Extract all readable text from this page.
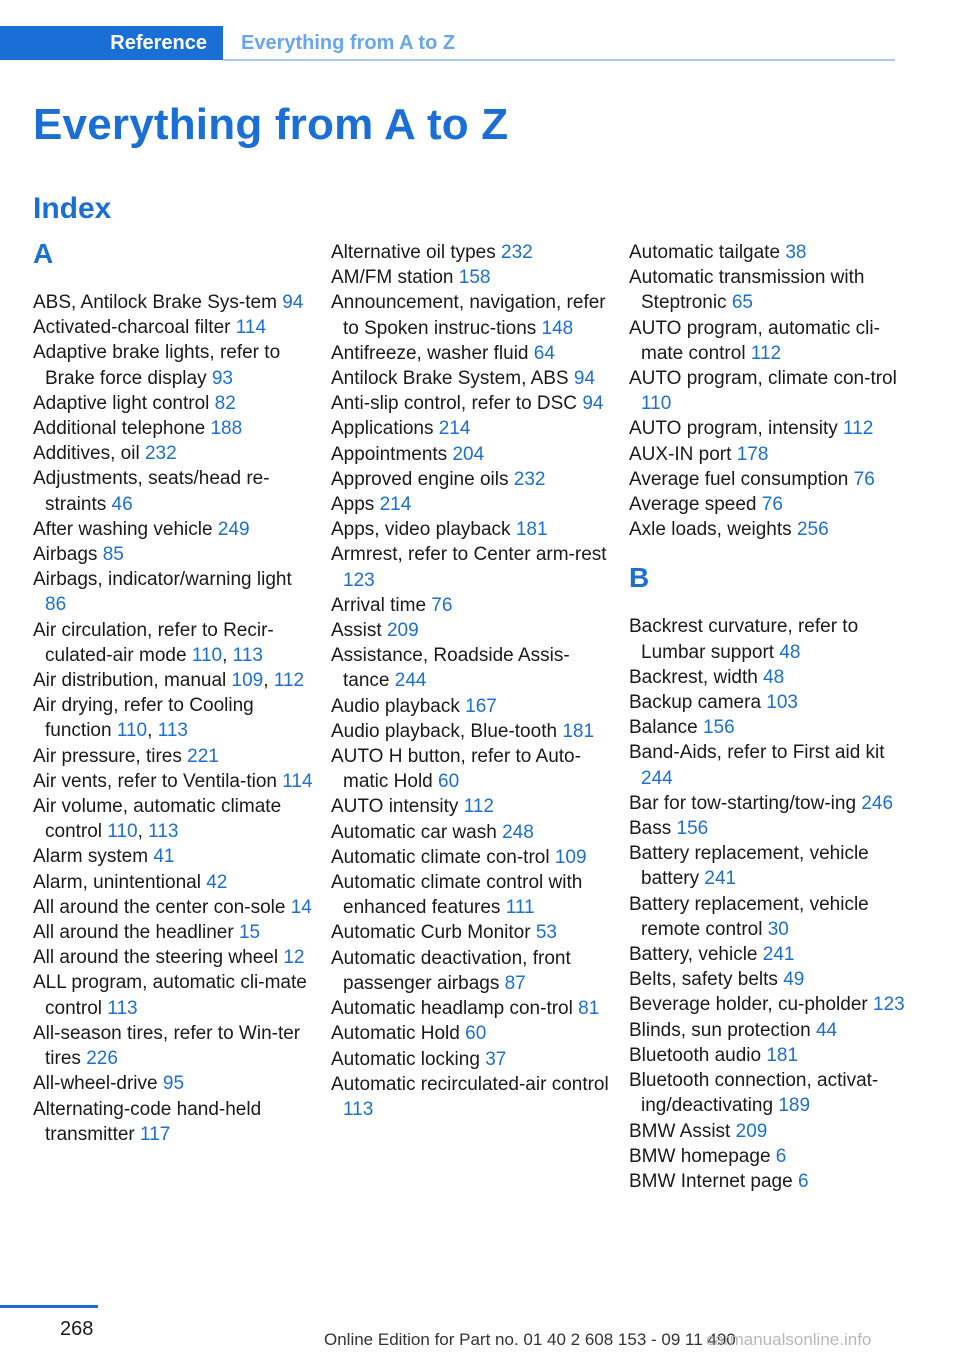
Reference	Everything from A to Z
Everything from A to Z
Index
A
ABS, Antilock Brake Sys‐tem 94
Activated-charcoal filter 114
Adaptive brake lights, refer to Brake force display 93
Adaptive light control 82
Additional telephone 188
Additives, oil 232
Adjustments, seats/head re‐straints 46
After washing vehicle 249
Airbags 85
Airbags, indicator/warning light 86
Air circulation, refer to Recir‐culated-air mode 110, 113
Air distribution, manual 109, 112
Air drying, refer to Cooling function 110, 113
Air pressure, tires 221
Air vents, refer to Ventila‐tion 114
Air volume, automatic climate control 110, 113
Alarm system 41
Alarm, unintentional 42
All around the center con‐sole 14
All around the headliner 15
All around the steering wheel 12
ALL program, automatic cli‐mate control 113
All-season tires, refer to Win‐ter tires 226
All-wheel-drive 95
Alternating-code hand-held transmitter 117
Alternative oil types 232
AM/FM station 158
Announcement, navigation, refer to Spoken instruc‐tions 148
Antifreeze, washer fluid 64
Antilock Brake System, ABS 94
Anti-slip control, refer to DSC 94
Applications 214
Appointments 204
Approved engine oils 232
Apps 214
Apps, video playback 181
Armrest, refer to Center arm‐rest 123
Arrival time 76
Assist 209
Assistance, Roadside Assis‐tance 244
Audio playback 167
Audio playback, Blue‐tooth 181
AUTO H button, refer to Auto‐matic Hold 60
AUTO intensity 112
Automatic car wash 248
Automatic climate con‐trol 109
Automatic climate control with enhanced features 111
Automatic Curb Monitor 53
Automatic deactivation, front passenger airbags 87
Automatic headlamp con‐trol 81
Automatic Hold 60
Automatic locking 37
Automatic recirculated-air control 113
Automatic tailgate 38
Automatic transmission with Steptronic 65
AUTO program, automatic cli‐mate control 112
AUTO program, climate con‐trol 110
AUTO program, intensity 112
AUX-IN port 178
Average fuel consumption 76
Average speed 76
Axle loads, weights 256
B
Backrest curvature, refer to Lumbar support 48
Backrest, width 48
Backup camera 103
Balance 156
Band-Aids, refer to First aid kit 244
Bar for tow-starting/tow‐ing 246
Bass 156
Battery replacement, vehicle battery 241
Battery replacement, vehicle remote control 30
Battery, vehicle 241
Belts, safety belts 49
Beverage holder, cu‐pholder 123
Blinds, sun protection 44
Bluetooth audio 181
Bluetooth connection, activat‐ing/deactivating 189
BMW Assist 209
BMW homepage 6
BMW Internet page 6
268	Online Edition for Part no. 01 40 2 608 153 - 09 11 490
carmanualsonline.info
